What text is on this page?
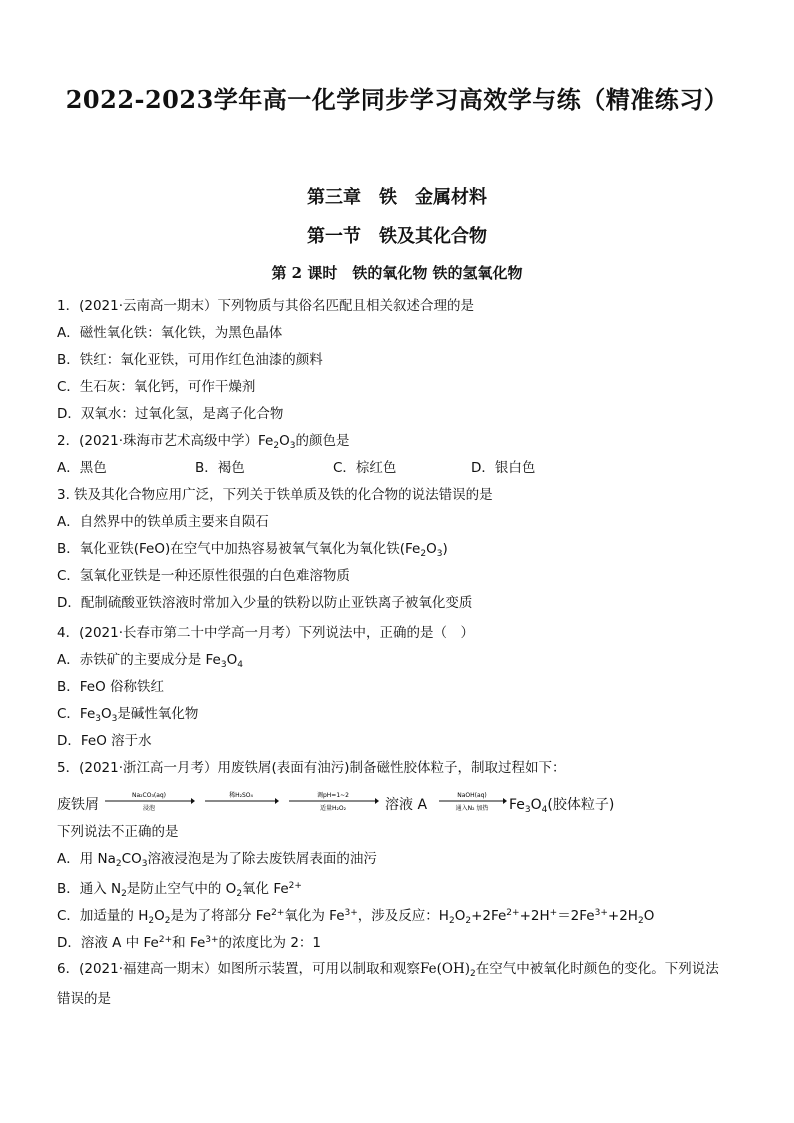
2022-2023学年高一化学同步学习高效学与练（精准练习）
第三章　铁　金属材料
第一节　铁及其化合物
第 2 课时　铁的氧化物 铁的氢氧化物
1．(2021·云南高一期末）下列物质与其俗名匹配且相关叙述合理的是
A．磁性氧化铁：氧化铁，为黑色晶体
B．铁红：氧化亚铁，可用作红色油漆的颜料
C．生石灰：氧化钙，可作干燥剂
D．双氧水：过氧化氢，是离子化合物
2．(2021·珠海市艺术高级中学）$Fe_2O_3$的颜色是
A．黑色	B．褐色	C．棕红色	D．银白色
3. 铁及其化合物应用广泛，下列关于铁单质及铁的化合物的说法错误的是
A．自然界中的铁单质主要来自陨石
B．氧化亚铁(FeO)在空气中加热容易被氧气氧化为氧化铁$(Fe_2O_3)$
C．氢氧化亚铁是一种还原性很强的白色难溶物质
D．配制硫酸亚铁溶液时常加入少量的铁粉以防止亚铁离子被氧化变质
4．(2021·长春市第二十中学高一月考）下列说法中，正确的是（　）
A．赤铁矿的主要成分是 $Fe_3O_4$
B．FeO 俗称铁红
C．$Fe_3O_3$是碱性氧化物
D．FeO 溶于水
5．(2021·浙江高一月考）用废铁屑(表面有油污)制备磁性胶体粒子，制取过程如下：
废铁屑
Na₂CO₃(aq)
浸泡
稀H₂SO₄	调pH=1~2
适量H₂O₂	溶液 A
NaOH(aq)
通入N₂ 加热 $Fe_3O_4$(胶体粒子)
下列说法不正确的是
A．用 $Na_2CO_3$溶液浸泡是为了除去废铁屑表面的油污
B．通入 $N_2$是防止空气中的 $O_2$氧化 $Fe^{2+}$
C．加适量的 $H_2O_2$是为了将部分 $Fe^{2+}$氧化为 $Fe^{3+}$，涉及反应：$H_2O_2+2Fe^{2+}+2H^+=2Fe^{3+}+2H_2O$
D．溶液 A 中 $Fe^{2+}$和 $Fe^{3+}$的浓度比为 2：1
6．(2021·福建高一期末）如图所示装置，可用以制取和观察$Fe(OH)_2$在空气中被氧化时颜色的变化。下列说法
错误的是
